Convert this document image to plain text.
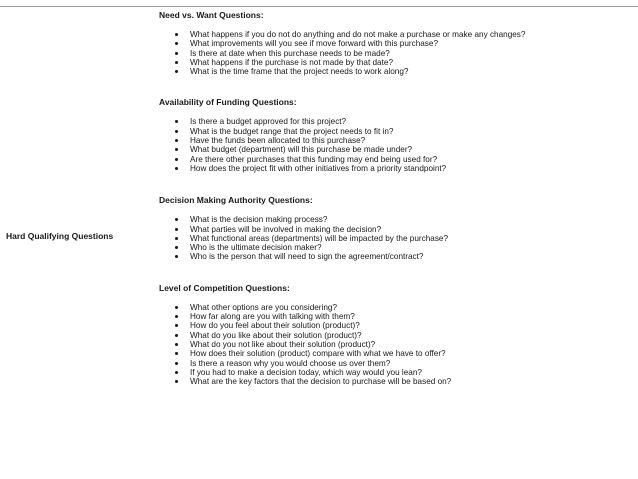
Hard Qualifying Questions
Need vs. Want Questions:
What happens if you do not do anything and do not make a purchase or make any changes?
What improvements will you see if move forward with this purchase?
Is there at date when this purchase needs to be made?
What happens if the purchase is not made by that date?
What is the time frame that the project needs to work along?
Availability of Funding Questions:
Is there a budget approved for this project?
What is the budget range that the project needs to fit in?
Have the funds been allocated to this purchase?
What budget (department) will this purchase be made under?
Are there other purchases that this funding may end being used for?
How does the project fit with other initiatives from a priority standpoint?
Decision Making Authority Questions:
What is the decision making process?
What parties will be involved in making the decision?
What functional areas (departments) will be impacted by the purchase?
Who is the ultimate decision maker?
Who is the person that will need to sign the agreement/contract?
Level of Competition Questions:
What other options are you considering?
How far along are you with talking with them?
How do you feel about their solution (product)?
What do you like about their solution (product)?
What do you not like about their solution (product)?
How does their solution (product) compare with what we have to offer?
Is there a reason why you would choose us over them?
If you had to make a decision today, which way would you lean?
What are the key factors that the decision to purchase will be based on?
